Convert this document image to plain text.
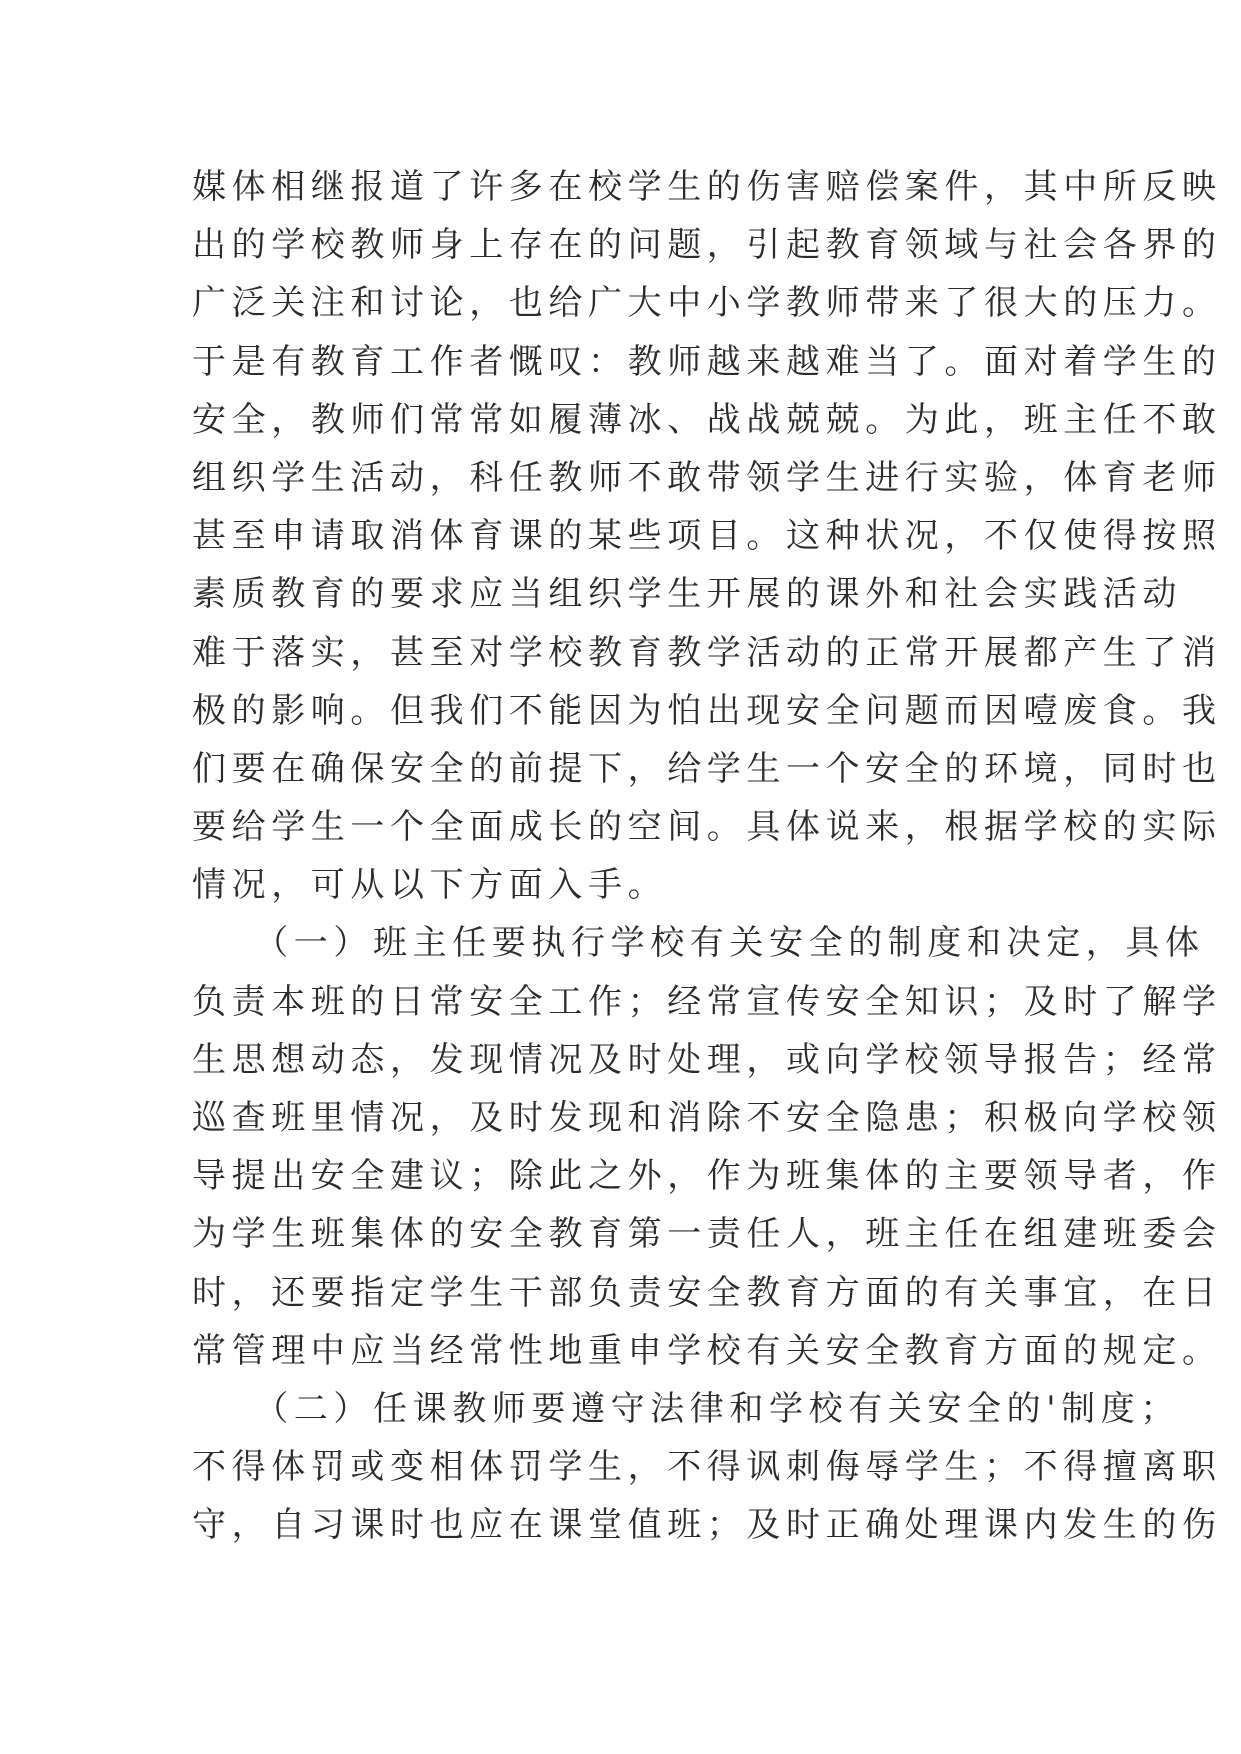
媒体相继报道了许多在校学生的伤害赔偿案件，其中所反映
出的学校教师身上存在的问题，引起教育领域与社会各界的
广泛关注和讨论，也给广大中小学教师带来了很大的压力。
于是有教育工作者慨叹：教师越来越难当了。面对着学生的
安全，教师们常常如履薄冰、战战兢兢。为此，班主任不敢
组织学生活动，科任教师不敢带领学生进行实验，体育老师
甚至申请取消体育课的某些项目。这种状况，不仅使得按照
素质教育的要求应当组织学生开展的课外和社会实践活动
难于落实，甚至对学校教育教学活动的正常开展都产生了消
极的影响。但我们不能因为怕出现安全问题而因噎废食。我
们要在确保安全的前提下，给学生一个安全的环境，同时也
要给学生一个全面成长的空间。具体说来，根据学校的实际
情况，可从以下方面入手。
　　（一）班主任要执行学校有关安全的制度和决定，具体
负责本班的日常安全工作；经常宣传安全知识；及时了解学
生思想动态，发现情况及时处理，或向学校领导报告；经常
巡查班里情况，及时发现和消除不安全隐患；积极向学校领
导提出安全建议；除此之外，作为班集体的主要领导者，作
为学生班集体的安全教育第一责任人，班主任在组建班委会
时，还要指定学生干部负责安全教育方面的有关事宜，在日
常管理中应当经常性地重申学校有关安全教育方面的规定。
　　（二）任课教师要遵守法律和学校有关安全的'制度；
不得体罚或变相体罚学生，不得讽刺侮辱学生；不得擅离职
守，自习课时也应在课堂值班；及时正确处理课内发生的伤
